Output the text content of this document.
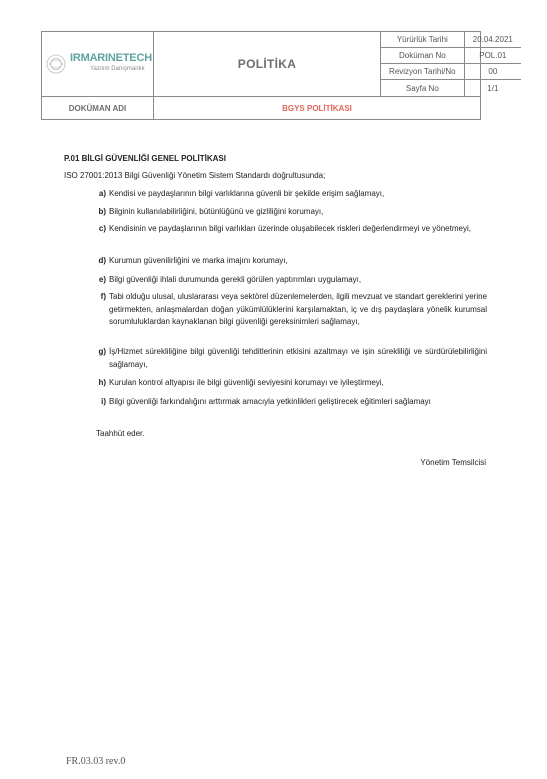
IRMARINETECH
Yazılım Danışmanlık	POLİTİKA
Yürürlük Tarihi	20.04.2021
Doküman No	POL.01
Revizyon Tarihi/No	00
Sayfa No	1/1
DOKÜMAN ADI	BGYS POLİTİKASI
P.01 BİLGİ GÜVENLİĞİ GENEL POLİTİKASI
ISO 27001:2013 Bilgi Güvenliği Yönetim Sistem Standardı doğrultusunda;
a) Kendisi ve paydaşlarının bilgi varlıklarına güvenli bir şekilde erişim sağlamayı,
b) Bilginin kullanılabilirliğini, bütünlüğünü ve gizliliğini korumayı,
c) Kendisinin ve paydaşlarının bilgi varlıkları üzerinde oluşabilecek riskleri değerlendirmeyi ve yönetmeyi,
d) Kurumun güvenilirliğini ve marka imajını korumayı,
e) Bilgi güvenliği ihlali durumunda gerekli görülen yaptırımları uygulamayı,
f) Tabi olduğu ulusal, uluslararası veya sektörel düzenlemelerden, ilgili mevzuat ve standart gereklerini yerine getirmekten, anlaşmalardan doğan yükümlülüklerini karşılamaktan, iç ve dış paydaşlara yönelik kurumsal sorumluluklardan kaynaklanan bilgi güvenliği gereksinimleri sağlamayı,
g) İş/Hizmet sürekliliğine bilgi güvenliği tehditlerinin etkisini azaltmayı ve işin sürekliliği ve sürdürülebilirliğini sağlamayı,
h) Kurulan kontrol altyapısı ile bilgi güvenliği seviyesini korumayı ve iyileştirmeyi,
i) Bilgi güvenliği farkındalığını arttırmak amacıyla yetkinlikleri geliştirecek eğitimleri sağlamayı
Taahhüt eder.
Yönetim Temsilcisi
FR.03.03 rev.0
